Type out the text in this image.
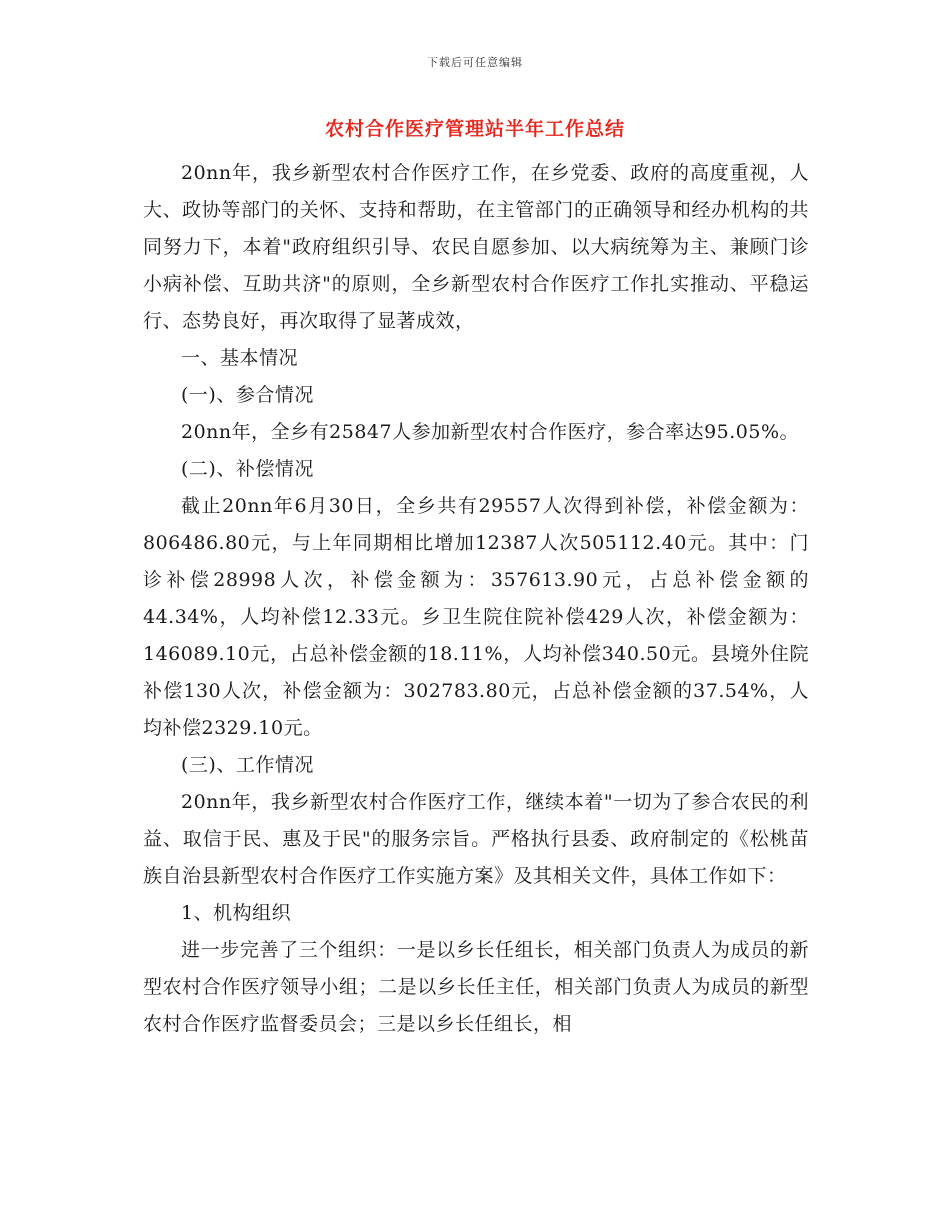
下载后可任意编辑
农村合作医疗管理站半年工作总结

20nn年，我乡新型农村合作医疗工作，在乡党委、政府的高度重视，人大、政协等部门的关怀、支持和帮助，在主管部门的正确领导和经办机构的共同努力下，本着"政府组织引导、农民自愿参加、以大病统筹为主、兼顾门诊小病补偿、互助共济"的原则，全乡新型农村合作医疗工作扎实推动、平稳运行、态势良好，再次取得了显著成效，

一、基本情况

(一)、参合情况

20nn年，全乡有25847人参加新型农村合作医疗，参合率达95.05%。

(二)、补偿情况

截止20nn年6月30日，全乡共有29557人次得到补偿，补偿金额为：806486.80元，与上年同期相比增加12387人次505112.40元。其中：门诊补偿28998人次，补偿金额为：357613.90元，占总补偿金额的44.34%，人均补偿12.33元。乡卫生院住院补偿429人次，补偿金额为：146089.10元，占总补偿金额的18.11%，人均补偿340.50元。县境外住院补偿130人次，补偿金额为：302783.80元，占总补偿金额的37.54%，人均补偿2329.10元。

(三)、工作情况

20nn年，我乡新型农村合作医疗工作，继续本着"一切为了参合农民的利益、取信于民、惠及于民"的服务宗旨。严格执行县委、政府制定的《松桃苗族自治县新型农村合作医疗工作实施方案》及其相关文件，具体工作如下：

1、机构组织

进一步完善了三个组织：一是以乡长任组长，相关部门负责人为成员的新型农村合作医疗领导小组；二是以乡长任主任，相关部门负责人为成员的新型农村合作医疗监督委员会；三是以乡长任组长，相
